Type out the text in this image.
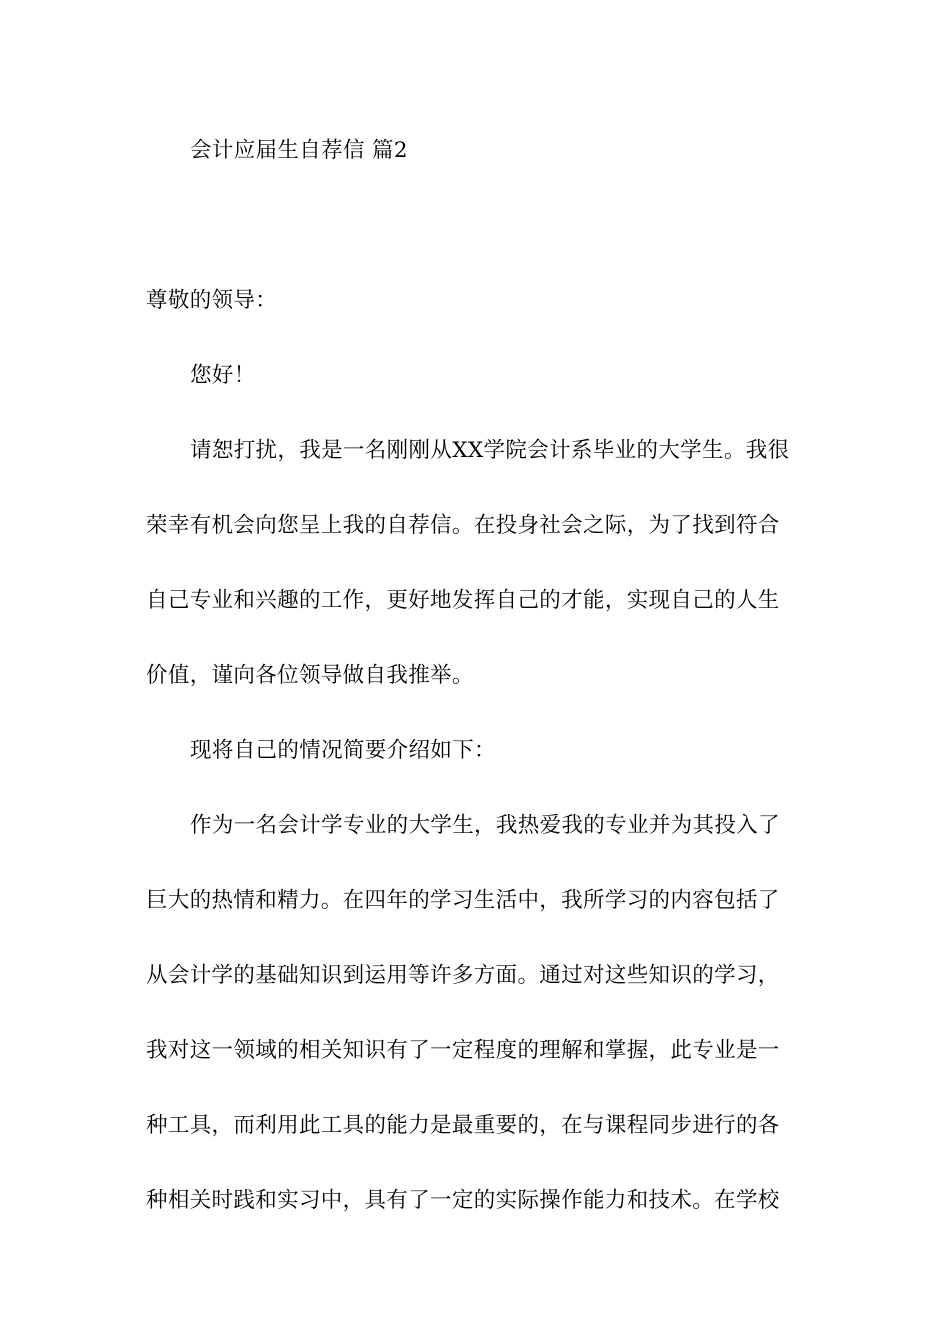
会计应届生自荐信 篇2
尊敬的领导：
您好！
请恕打扰，我是一名刚刚从XX学院会计系毕业的大学生。我很
荣幸有机会向您呈上我的自荐信。在投身社会之际，为了找到符合
自己专业和兴趣的工作，更好地发挥自己的才能，实现自己的人生
价值，谨向各位领导做自我推举。
现将自己的情况简要介绍如下：
作为一名会计学专业的大学生，我热爱我的专业并为其投入了
巨大的热情和精力。在四年的学习生活中，我所学习的内容包括了
从会计学的基础知识到运用等许多方面。通过对这些知识的学习，
我对这一领域的相关知识有了一定程度的理解和掌握，此专业是一
种工具，而利用此工具的能力是最重要的，在与课程同步进行的各
种相关时践和实习中，具有了一定的实际操作能力和技术。在学校
